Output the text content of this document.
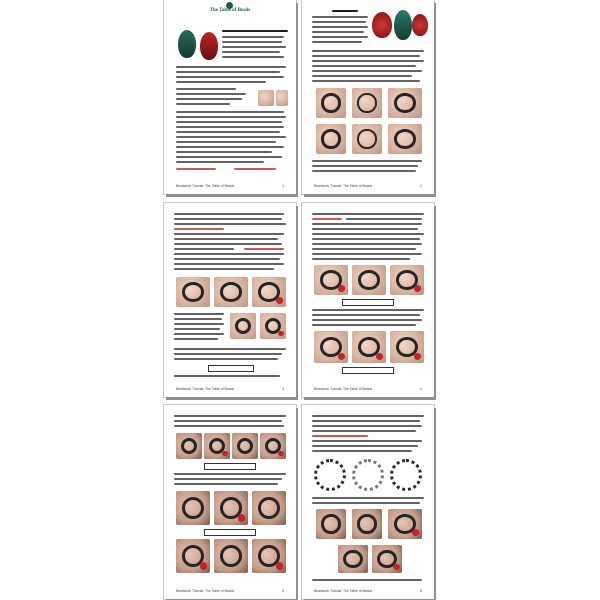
The Table of Beads
Beadwork Tutorial: The Table of Beads	1	Beadwork Tutorial: The Table of Beads	2
Beadwork Tutorial: The Table of Beads	3	Beadwork Tutorial: The Table of Beads	4
Beadwork Tutorial: The Table of Beads	5	Beadwork Tutorial: The Table of Beads	6
